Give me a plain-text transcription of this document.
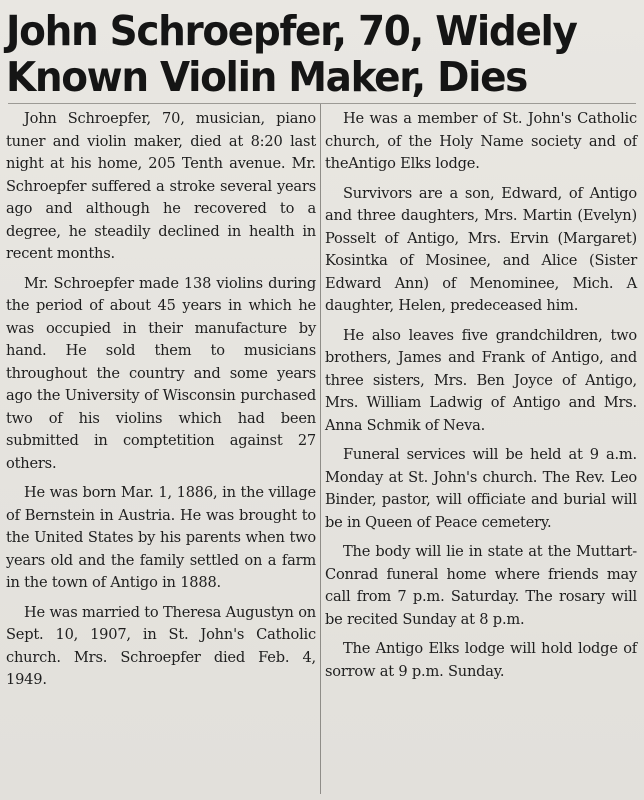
John Schroepfer, 70, Widely
Known Violin Maker, Dies

John Schroepfer, 70, musician, piano tuner and violin maker, died at 8:20 last night at his home, 205 Tenth avenue. Mr. Schroepfer suffered a stroke several years ago and although he recovered to a degree, he steadily declined in health in recent months.

Mr. Schroepfer made 138 violins during the period of about 45 years in which he was occupied in their manufacture by hand. He sold them to musicians throughout the country and some years ago the University of Wisconsin purchased two of his violins which had been submitted in comptetition against 27 others.

He was born Mar. 1, 1886, in the village of Bernstein in Austria. He was brought to the United States by his parents when two years old and the family settled on a farm in the town of Antigo in 1888.

He was married to Theresa Augustyn on Sept. 10, 1907, in St. John's Catholic church. Mrs. Schroepfer died Feb. 4, 1949.

He was a member of St. John's Catholic church, of the Holy Name society and of theAntigo Elks lodge.

Survivors are a son, Edward, of Antigo and three daughters, Mrs. Martin (Evelyn) Posselt of Antigo, Mrs. Ervin (Margaret) Kosintka of Mosinee, and Alice (Sister Edward Ann) of Menominee, Mich. A daughter, Helen, predeceased him.

He also leaves five grandchildren, two brothers, James and Frank of Antigo, and three sisters, Mrs. Ben Joyce of Antigo, Mrs. William Ladwig of Antigo and Mrs. Anna Schmik of Neva.

Funeral services will be held at 9 a.m. Monday at St. John's church. The Rev. Leo Binder, pastor, will officiate and burial will be in Queen of Peace cemetery.

The body will lie in state at the Muttart-Conrad funeral home where friends may call from 7 p.m. Saturday. The rosary will be recited Sunday at 8 p.m.

The Antigo Elks lodge will hold lodge of sorrow at 9 p.m. Sunday.
